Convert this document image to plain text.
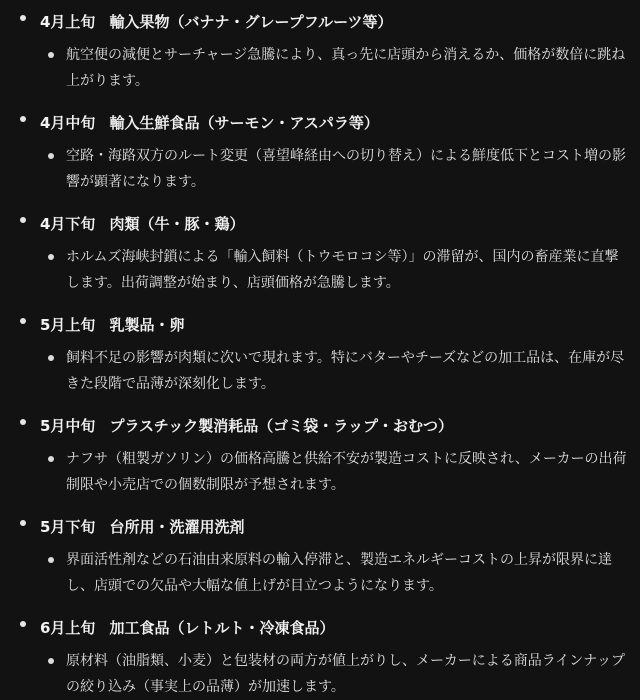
4月上旬 輸入果物（バナナ・グレープフルーツ等）
航空便の減便とサーチャージ急騰により、真っ先に店頭から消えるか、価格が数倍に跳ね上がります。
4月中旬 輸入生鮮食品（サーモン・アスパラ等）
空路・海路双方のルート変更（喜望峰経由への切り替え）による鮮度低下とコスト増の影響が顕著になります。
4月下旬 肉類（牛・豚・鶏）
ホルムズ海峡封鎖による「輸入飼料（トウモロコシ等）」の滞留が、国内の畜産業に直撃します。出荷調整が始まり、店頭価格が急騰します。
5月上旬 乳製品・卵
飼料不足の影響が肉類に次いで現れます。特にバターやチーズなどの加工品は、在庫が尽きた段階で品薄が深刻化します。
5月中旬 プラスチック製消耗品（ゴミ袋・ラップ・おむつ）
ナフサ（粗製ガソリン）の価格高騰と供給不安が製造コストに反映され、メーカーの出荷制限や小売店での個数制限が予想されます。
5月下旬 台所用・洗濯用洗剤
界面活性剤などの石油由来原料の輸入停滞と、製造エネルギーコストの上昇が限界に達し、店頭での欠品や大幅な値上げが目立つようになります。
6月上旬 加工食品（レトルト・冷凍食品）
原材料（油脂類、小麦）と包装材の両方が値上がりし、メーカーによる商品ラインナップの絞り込み（事実上の品薄）が加速します。
